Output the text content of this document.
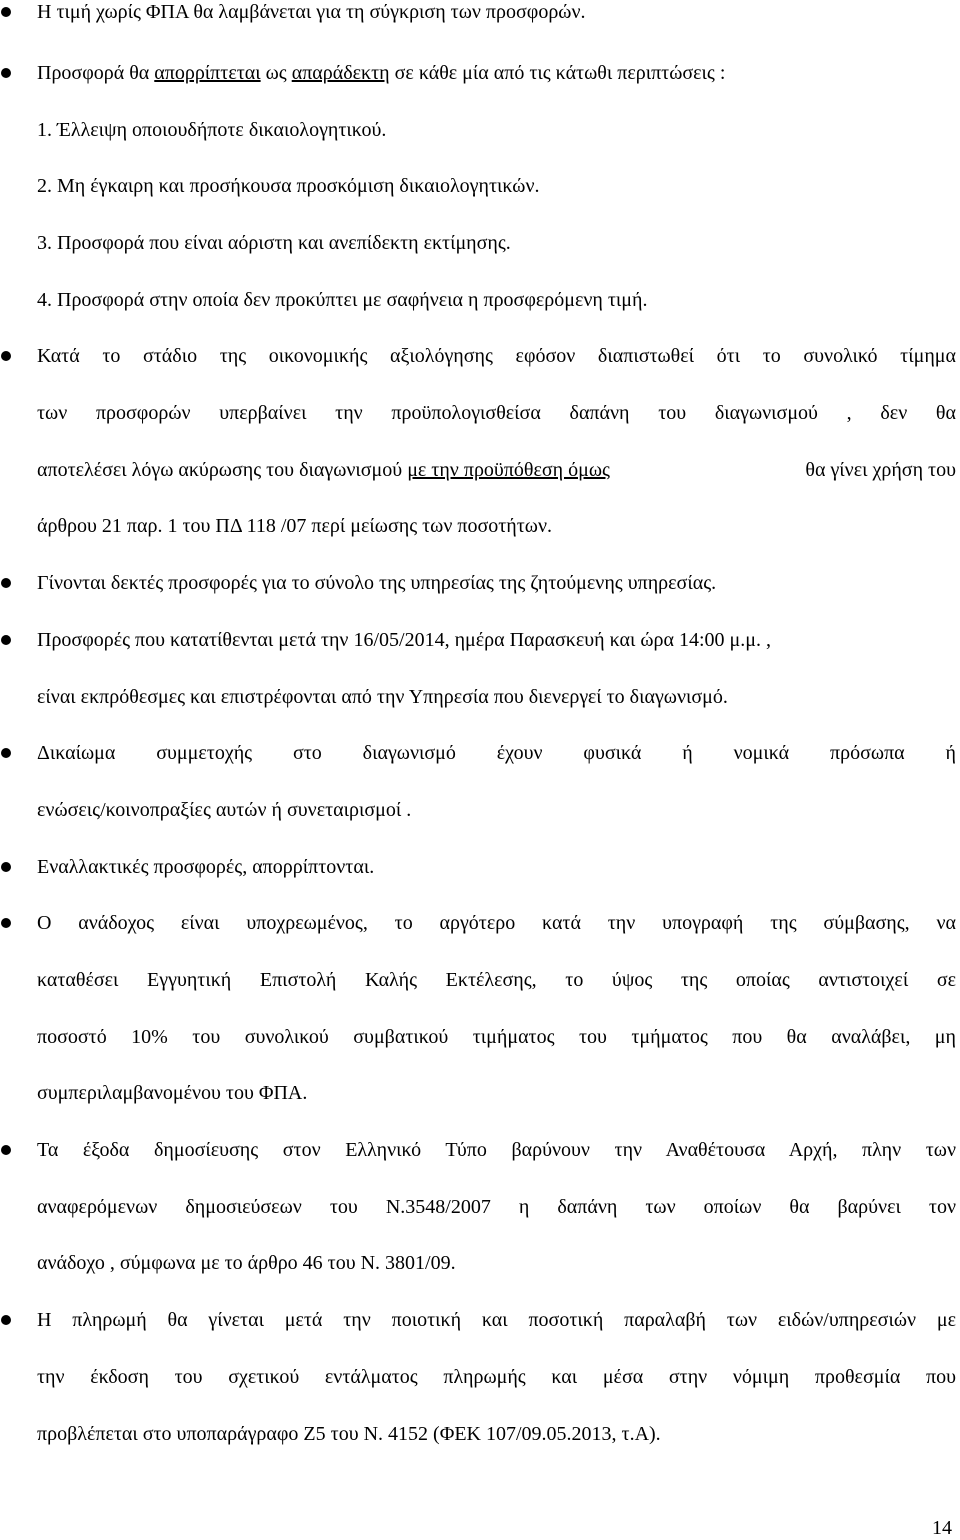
Η τιμή χωρίς ΦΠΑ θα λαμβάνεται για τη σύγκριση των προσφορών.
Προσφορά θα απορρίπτεται ως απαράδεκτη σε κάθε μία από τις κάτωθι περιπτώσεις :
1. Έλλειψη οποιουδήποτε δικαιολογητικού.
2. Μη έγκαιρη και προσήκουσα προσκόμιση δικαιολογητικών.
3. Προσφορά που είναι αόριστη και ανεπίδεκτη εκτίμησης.
4. Προσφορά στην οποία δεν προκύπτει με σαφήνεια η προσφερόμενη τιμή.
Κατά το στάδιο της οικονομικής αξιολόγησης εφόσον διαπιστωθεί ότι το συνολικό τίμημα
των προσφορών υπερβαίνει την προϋπολογισθείσα δαπάνη του διαγωνισμού , δεν θα
αποτελέσει λόγω ακύρωσης του διαγωνισμού με την προϋπόθεση όμως	θα γίνει χρήση του
άρθρου 21 παρ. 1 του ΠΔ 118 /07 περί μείωσης των ποσοτήτων.
Γίνονται δεκτές προσφορές για το σύνολο της υπηρεσίας της ζητούμενης υπηρεσίας.
Προσφορές που κατατίθενται μετά την 16/05/2014, ημέρα Παρασκευή και ώρα 14:00 μ.μ. ,
είναι εκπρόθεσμες και επιστρέφονται από την Υπηρεσία που διενεργεί το διαγωνισμό.
Δικαίωμα συμμετοχής στο διαγωνισμό έχουν φυσικά ή νομικά πρόσωπα ή
ενώσεις/κοινοπραξίες αυτών ή συνεταιρισμοί .
Εναλλακτικές προσφορές, απορρίπτονται.
Ο ανάδοχος είναι υποχρεωμένος, το αργότερο κατά την υπογραφή της σύμβασης, να
καταθέσει Εγγυητική Επιστολή Καλής Εκτέλεσης, το ύψος της οποίας αντιστοιχεί σε
ποσοστό 10% του συνολικού συμβατικού τιμήματος του τμήματος που θα αναλάβει, μη
συμπεριλαμβανομένου του ΦΠΑ.
Τα έξοδα δημοσίευσης στον Ελληνικό Τύπο βαρύνουν την Αναθέτουσα Αρχή, πλην των
αναφερόμενων δημοσιεύσεων του Ν.3548/2007 η δαπάνη των οποίων θα βαρύνει τον
ανάδοχο , σύμφωνα με το άρθρο 46 του Ν. 3801/09.
Η πληρωμή θα γίνεται μετά την ποιοτική και ποσοτική παραλαβή των ειδών/υπηρεσιών με
την έκδοση του σχετικού εντάλματος πληρωμής και μέσα στην νόμιμη προθεσμία που
προβλέπεται στο υποπαράγραφο Ζ5 του Ν. 4152 (ΦΕΚ 107/09.05.2013, τ.Α).
14
